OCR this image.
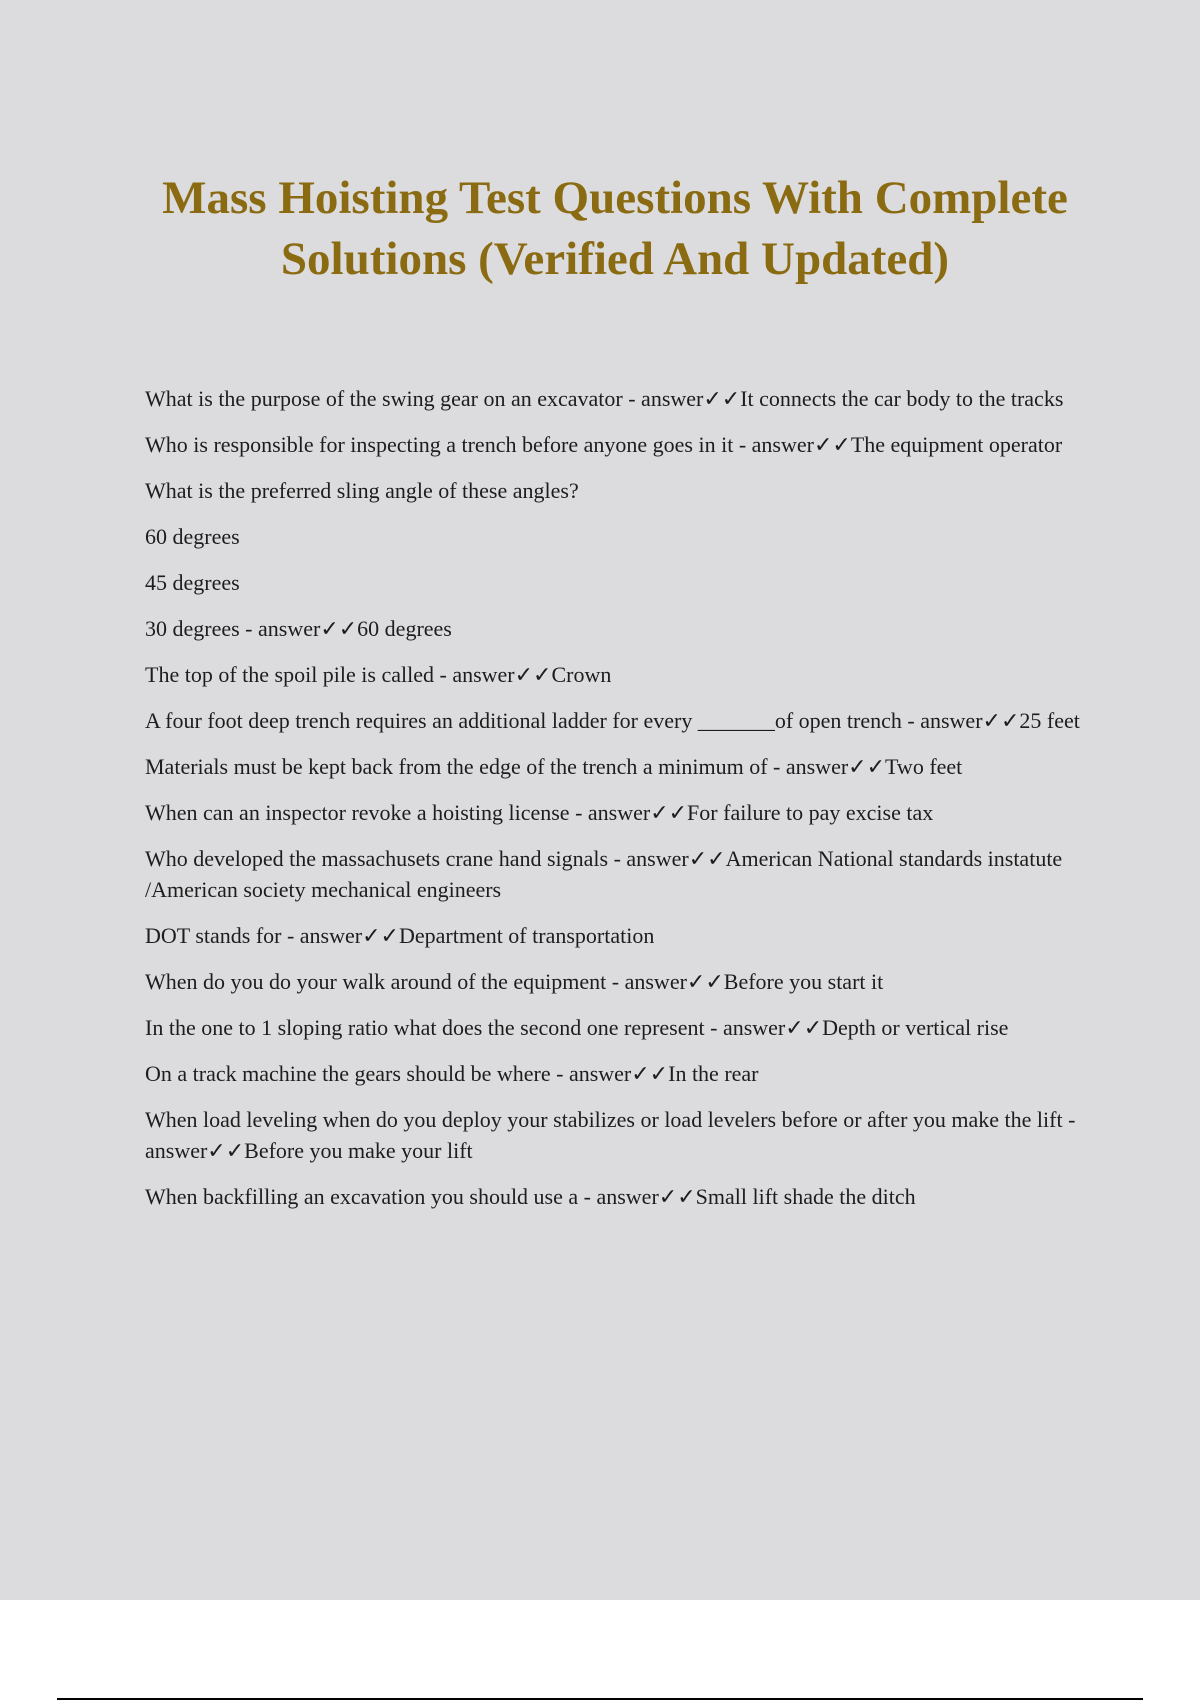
Mass Hoisting Test Questions With Complete Solutions (Verified And Updated)

What is the purpose of the swing gear on an excavator - answer✓✓It connects the car body to the tracks

Who is responsible for inspecting a trench before anyone goes in it - answer✓✓The equipment operator

What is the preferred sling angle of these angles?

60 degrees

45 degrees

30 degrees - answer✓✓60 degrees

The top of the spoil pile is called - answer✓✓Crown

A four foot deep trench requires an additional ladder for every _______of open trench - answer✓✓25 feet

Materials must be kept back from the edge of the trench a minimum of - answer✓✓Two feet

When can an inspector revoke a hoisting license - answer✓✓For failure to pay excise tax

Who developed the massachusets crane hand signals - answer✓✓American National standards instatute /American society mechanical engineers

DOT stands for - answer✓✓Department of transportation

When do you do your walk around of the equipment - answer✓✓Before you start it

In the one to 1 sloping ratio what does the second one represent - answer✓✓Depth or vertical rise

On a track machine the gears should be where - answer✓✓In the rear

When load leveling when do you deploy your stabilizes or load levelers before or after you make the lift - answer✓✓Before you make your lift

When backfilling an excavation you should use a - answer✓✓Small lift shade the ditch
